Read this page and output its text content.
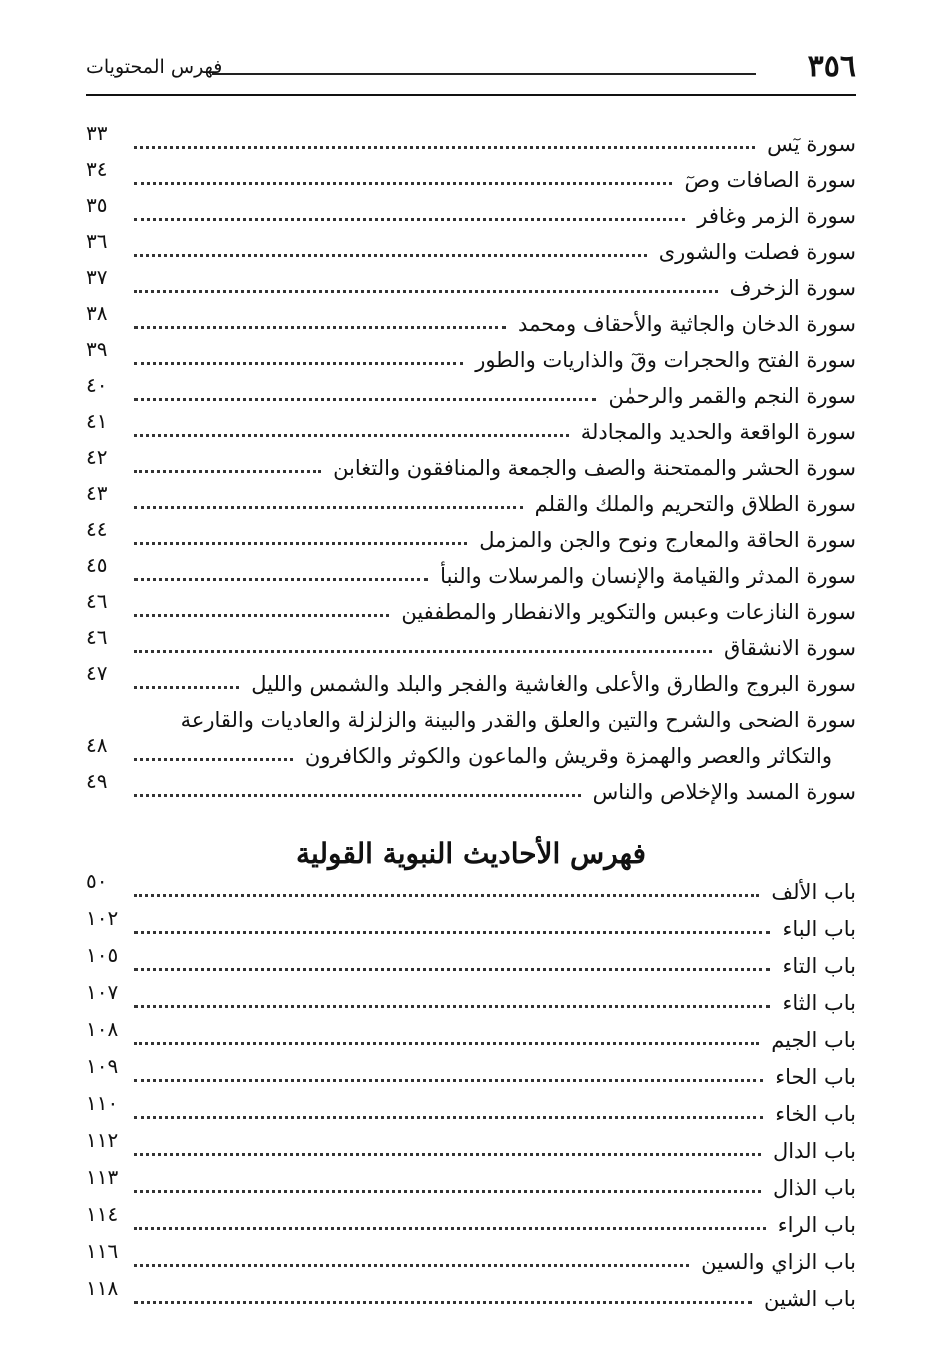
٣٥٦
فهرس المحتويات
سورة يٓس
٣٣
سورة الصافات وصٓ
٣٤
سورة الزمر وغافر
٣٥
سورة فصلت والشورى
٣٦
سورة الزخرف
٣٧
سورة الدخان والجاثية والأحقاف ومحمد
٣٨
سورة الفتح والحجرات وقٓ والذاريات والطور
٣٩
سورة النجم والقمر والرحمٰن
٤٠
سورة الواقعة والحديد والمجادلة
٤١
سورة الحشر والممتحنة والصف والجمعة والمنافقون والتغابن
٤٢
سورة الطلاق والتحريم والملك والقلم
٤٣
سورة الحاقة والمعارج ونوح والجن والمزمل
٤٤
سورة المدثر والقيامة والإنسان والمرسلات والنبأ
٤٥
سورة النازعات وعبس والتكوير والانفطار والمطففين
٤٦
سورة الانشقاق
٤٦
سورة البروج والطارق والأعلى والغاشية والفجر والبلد والشمس والليل
٤٧
سورة الضحى والشرح والتين والعلق والقدر والبينة والزلزلة والعاديات والقارعة
والتكاثر والعصر والهمزة وقريش والماعون والكوثر والكافرون
٤٨
سورة المسد والإخلاص والناس
٤٩
فهرس الأحاديث النبوية القولية
باب الألف
٥٠
باب الباء
١٠٢
باب التاء
١٠٥
باب الثاء
١٠٧
باب الجيم
١٠٨
باب الحاء
١٠٩
باب الخاء
١١٠
باب الدال
١١٢
باب الذال
١١٣
باب الراء
١١٤
باب الزاي والسين
١١٦
باب الشين
١١٨
